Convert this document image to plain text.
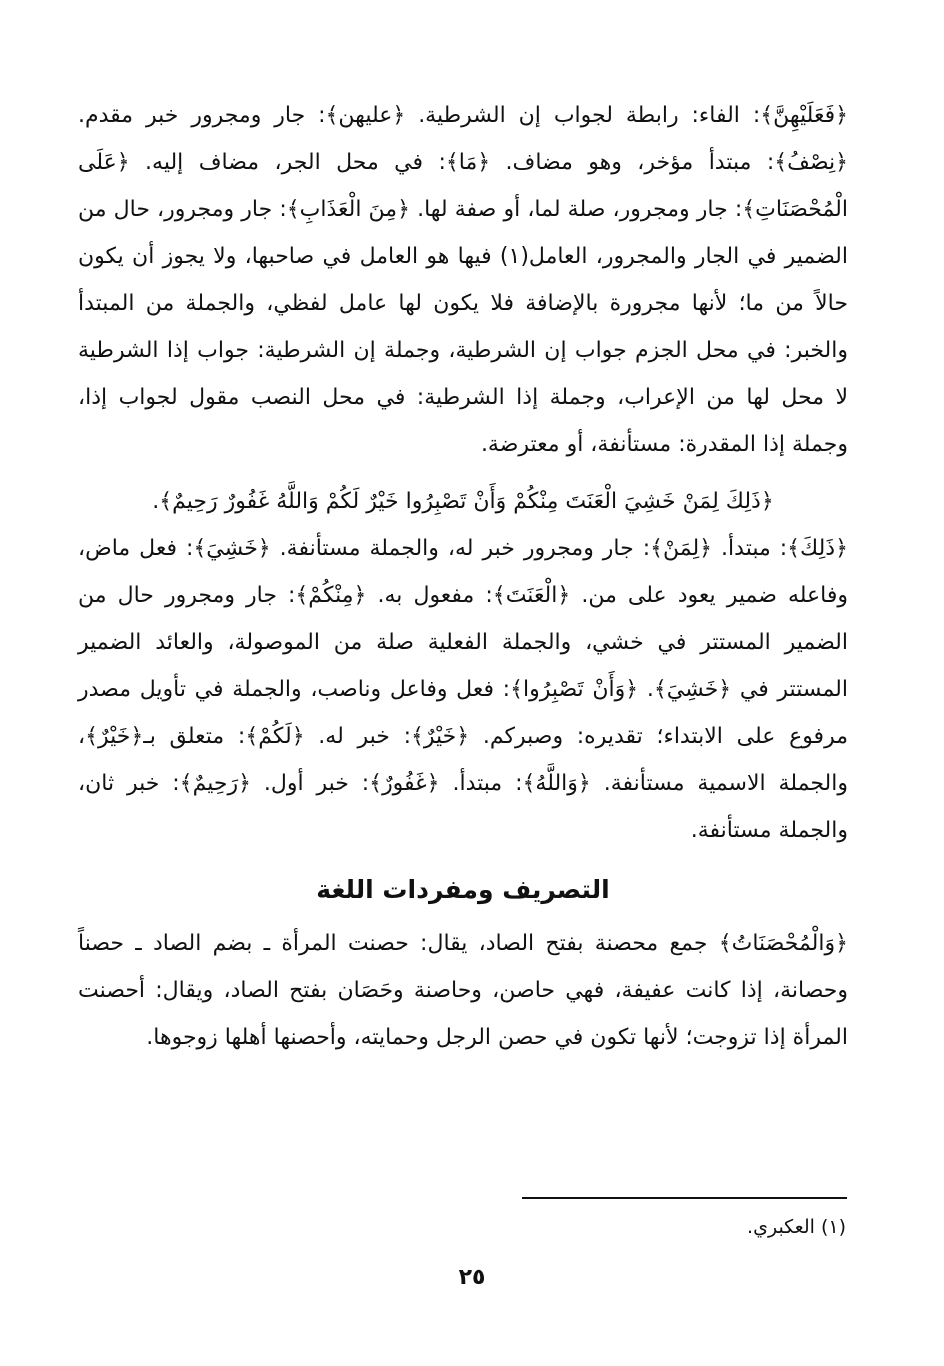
﴿فَعَلَيْهِنَّ﴾: الفاء: رابطة لجواب إن الشرطية. ﴿عليهن﴾: جار ومجرور خبر مقدم. ﴿نِصْفُ﴾: مبتدأ مؤخر، وهو مضاف. ﴿مَا﴾: في محل الجر، مضاف إليه. ﴿عَلَى الْمُحْصَنَاتِ﴾: جار ومجرور، صلة لما، أو صفة لها. ﴿مِنَ الْعَذَابِ﴾: جار ومجرور، حال من الضمير في الجار والمجرور، العامل(١) فيها هو العامل في صاحبها، ولا يجوز أن يكون حالاً من ما؛ لأنها مجرورة بالإضافة فلا يكون لها عامل لفظي، والجملة من المبتدأ والخبر: في محل الجزم جواب إن الشرطية، وجملة إن الشرطية: جواب إذا الشرطية لا محل لها من الإعراب، وجملة إذا الشرطية: في محل النصب مقول لجواب إذا، وجملة إذا المقدرة: مستأنفة، أو معترضة.

﴿ذَلِكَ لِمَنْ خَشِيَ الْعَنَتَ مِنْكُمْ وَأَنْ تَصْبِرُوا خَيْرٌ لَكُمْ وَاللَّهُ غَفُورٌ رَحِيمٌ﴾.

﴿ذَلِكَ﴾: مبتدأ. ﴿لِمَنْ﴾: جار ومجرور خبر له، والجملة مستأنفة. ﴿خَشِيَ﴾: فعل ماض، وفاعله ضمير يعود على من. ﴿الْعَنَتَ﴾: مفعول به. ﴿مِنْكُمْ﴾: جار ومجرور حال من الضمير المستتر في خشي، والجملة الفعلية صلة من الموصولة، والعائد الضمير المستتر في ﴿خَشِيَ﴾. ﴿وَأَنْ تَصْبِرُوا﴾: فعل وفاعل وناصب، والجملة في تأويل مصدر مرفوع على الابتداء؛ تقديره: وصبركم. ﴿خَيْرٌ﴾: خبر له. ﴿لَكُمْ﴾: متعلق بـ﴿خَيْرٌ﴾، والجملة الاسمية مستأنفة. ﴿وَاللَّهُ﴾: مبتدأ. ﴿غَفُورٌ﴾: خبر أول. ﴿رَحِيمٌ﴾: خبر ثان، والجملة مستأنفة.

التصريف ومفردات اللغة

﴿وَالْمُحْصَنَاتُ﴾ جمع محصنة بفتح الصاد، يقال: حصنت المرأة ـ بضم الصاد ـ حصناً وحصانة، إذا كانت عفيفة، فهي حاصن، وحاصنة وحَصَان بفتح الصاد، ويقال: أحصنت المرأة إذا تزوجت؛ لأنها تكون في حصن الرجل وحمايته، وأحصنها أهلها زوجوها.

(١) العكبري.
٢٥
